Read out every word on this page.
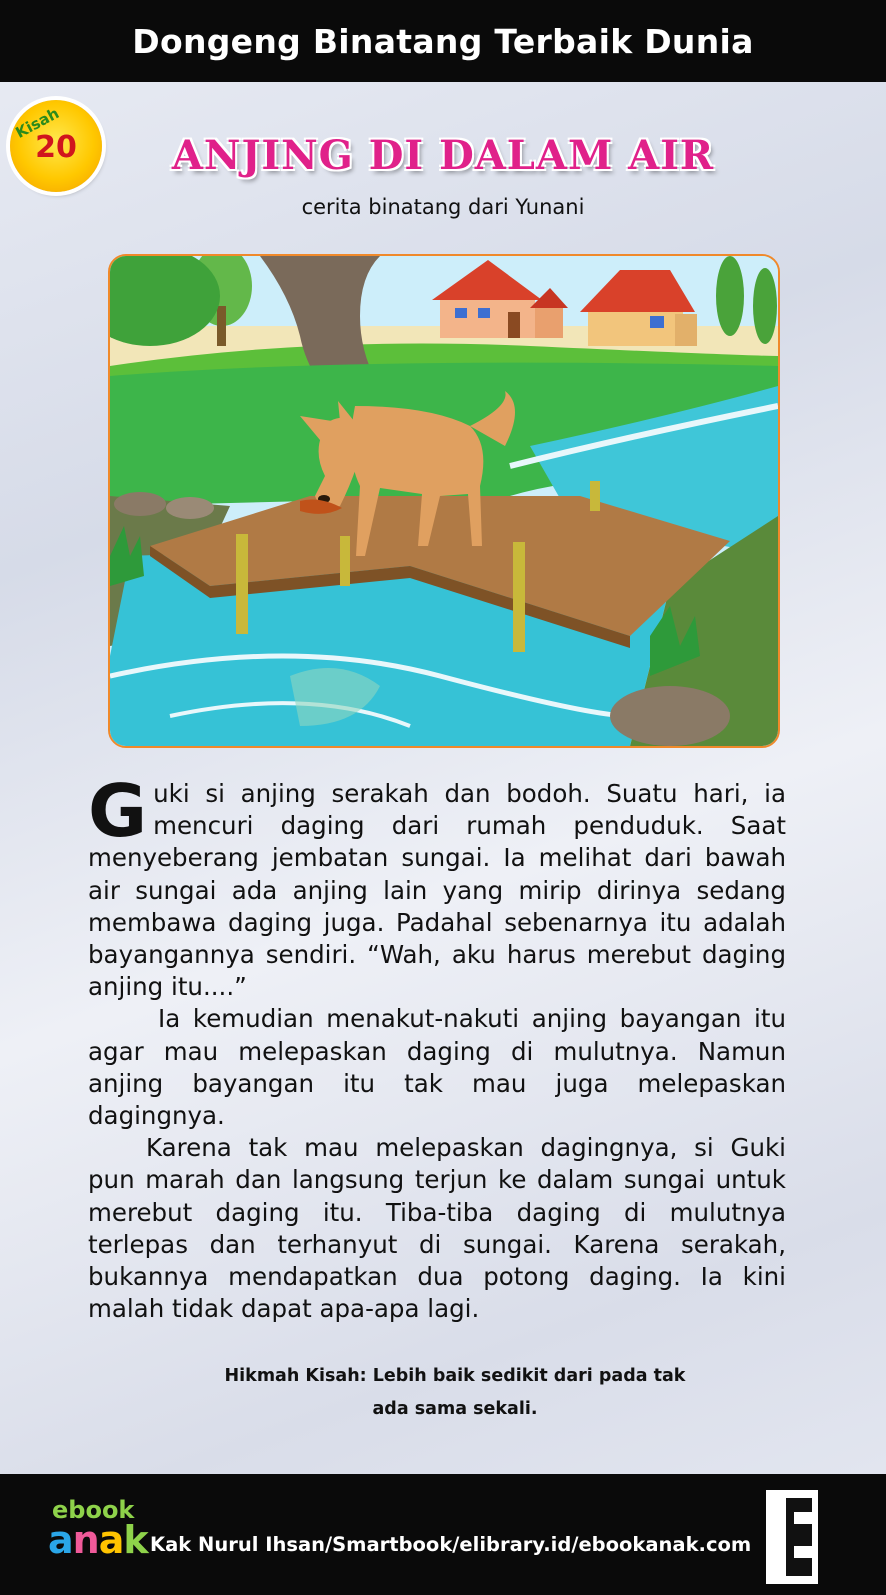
Dongeng Binatang Terbaik Dunia
Kisah
20	ANJING DI DALAM AIR
cerita binatang dari Yunani

Guki si anjing serakah dan bodoh. Suatu hari, ia mencuri daging dari rumah penduduk. Saat menyeberang jembatan sungai. Ia melihat dari bawah air sungai ada anjing lain yang mirip dirinya sedang membawa daging juga. Padahal sebenarnya itu adalah bayangannya sendiri. “Wah, aku harus merebut daging anjing itu....”

Ia kemudian menakut-nakuti anjing bayangan itu agar mau melepaskan daging di mulutnya. Namun anjing bayangan itu tak mau juga melepaskan dagingnya.

Karena tak mau melepaskan dagingnya, si Guki pun marah dan langsung terjun ke dalam sungai untuk merebut daging itu. Tiba-tiba daging di mulutnya terlepas dan terhanyut di sungai. Karena serakah, bukannya mendapatkan dua potong daging. Ia kini malah tidak dapat apa-apa lagi.

Hikmah Kisah: Lebih baik sedikit dari pada tak
ada sama sekali.
ebook
anak Kak Nurul Ihsan/Smartbook/elibrary.id/ebookanak.com
